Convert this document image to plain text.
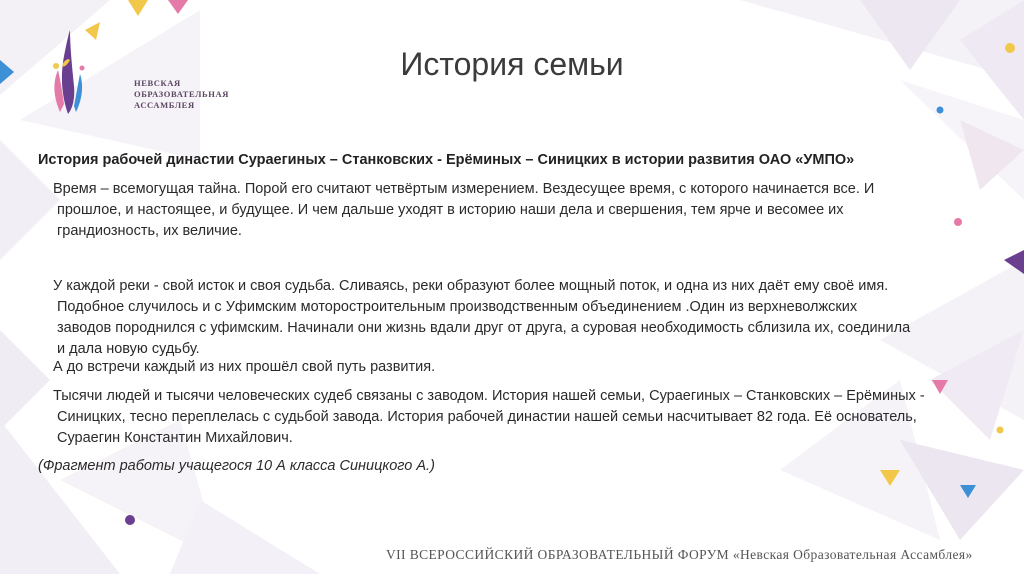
НЕВСКАЯ
ОБРАЗОВАТЕЛЬНАЯ
АССАМБЛЕЯ
История семьи
История рабочей династии Сураегиных – Станковских - Ерёминых – Синицких в истории развития ОАО «УМПО»
Время – всемогущая тайна. Порой его считают четвёртым измерением. Вездесущее время, с которого начинается все. И
прошлое, и настоящее, и будущее. И чем дальше уходят в историю наши дела и свершения, тем ярче и весомее их
грандиозность, их величие.
У каждой реки - свой исток и своя судьба. Сливаясь, реки образуют более мощный поток, и одна из них даёт ему своё имя.
Подобное случилось и с Уфимским моторостроительным производственным объединением .Один из верхневолжских
заводов породнился с уфимским. Начинали они жизнь вдали друг от друга, а суровая необходимость сблизила их, соединила
и дала новую судьбу.
А до встречи каждый из них прошёл свой путь развития.
Тысячи людей и тысячи человеческих судеб связаны с заводом. История нашей семьи, Сураегиных – Станковских – Ерёминых -
Синицких, тесно переплелась с судьбой завода. История рабочей династии нашей семьи насчитывает 82 года. Её основатель,
Сураегин Константин Михайлович.
(Фрагмент работы учащегося 10 А класса Синицкого А.)
VII ВСЕРОССИЙСКИЙ ОБРАЗОВАТЕЛЬНЫЙ ФОРУМ «Невская Образовательная Ассамблея»
